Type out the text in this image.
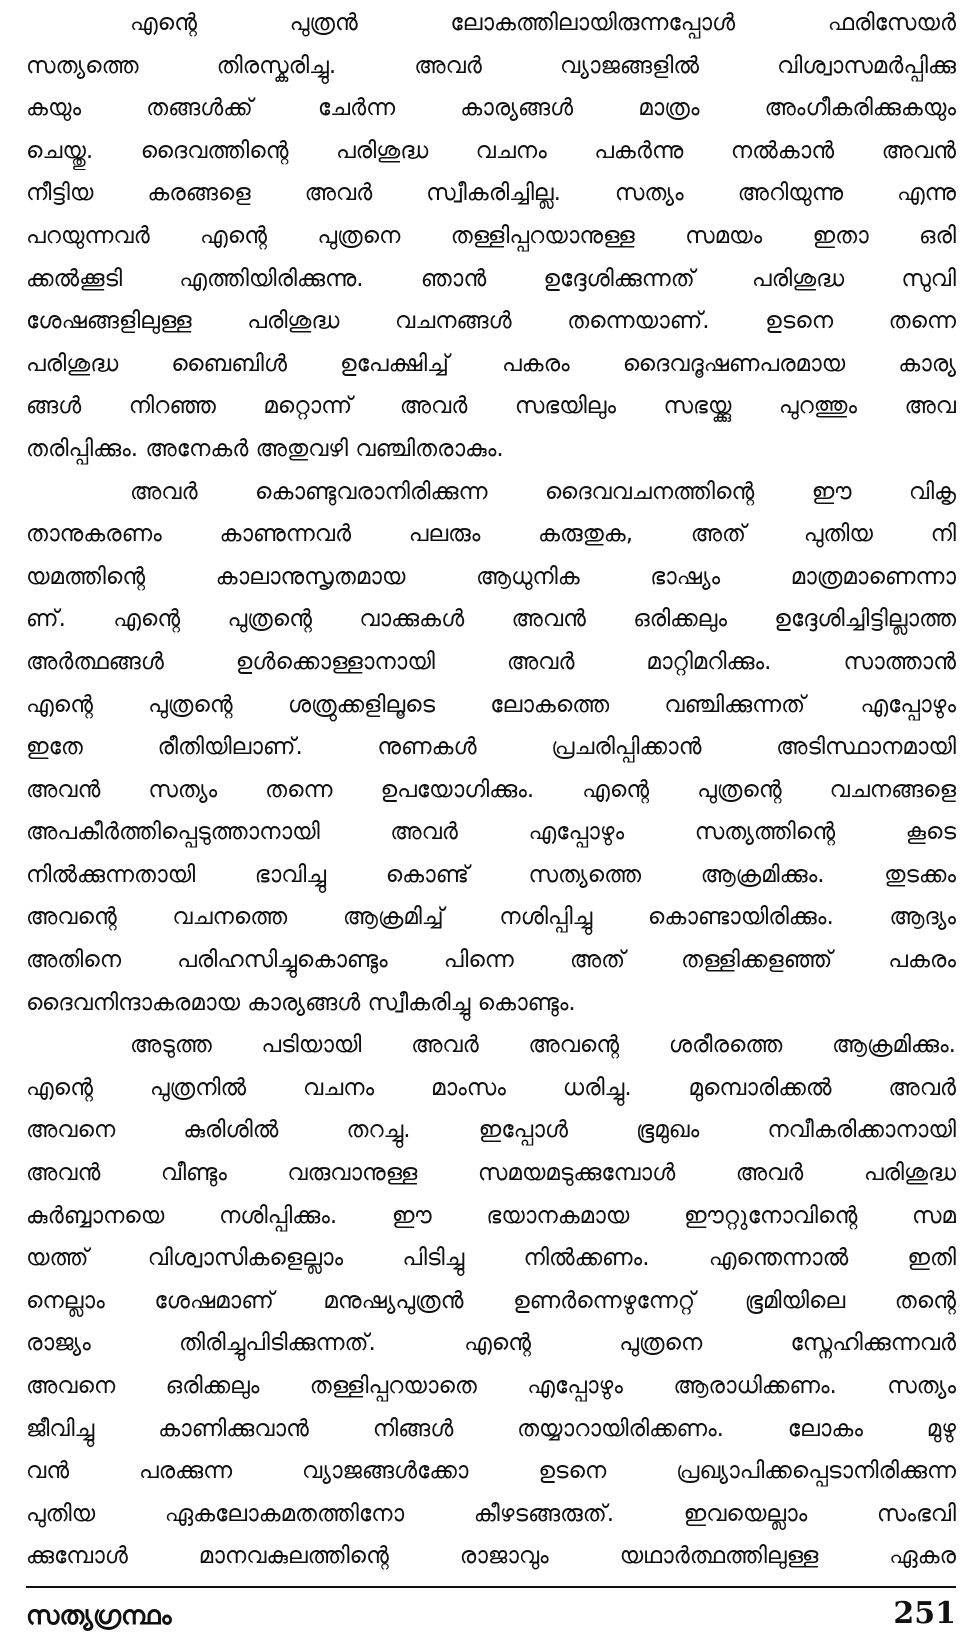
എന്റെ പുത്രൻ ലോകത്തിലായിരുന്നപ്പോൾ ഫരിസേയർ
സത്യത്തെ തിരസ്കരിച്ചു. അവർ വ്യാജങ്ങളിൽ വിശ്വാസമർപ്പിക്കു
കയും തങ്ങൾക്ക് ചേർന്ന കാര്യങ്ങൾ മാത്രം അംഗീകരിക്കുകയും
ചെയ്തു. ദൈവത്തിന്റെ പരിശുദ്ധ വചനം പകർന്നു നൽകാൻ അവൻ
നീട്ടിയ കരങ്ങളെ അവർ സ്വീകരിച്ചില്ല. സത്യം അറിയുന്നു എന്നു
പറയുന്നവർ എന്റെ പുത്രനെ തള്ളിപ്പറയാനുള്ള സമയം ഇതാ ഒരി
ക്കൽക്കൂടി എത്തിയിരിക്കുന്നു. ഞാൻ ഉദ്ദേശിക്കുന്നത് പരിശുദ്ധ സുവി
ശേഷങ്ങളിലുള്ള പരിശുദ്ധ വചനങ്ങൾ തന്നെയാണ്. ഉടനെ തന്നെ
പരിശുദ്ധ ബൈബിൾ ഉപേക്ഷിച്ച് പകരം ദൈവദൂഷണപരമായ കാര്യ
ങ്ങൾ നിറഞ്ഞ മറ്റൊന്ന് അവർ സഭയിലും സഭയ്ക്കു പുറത്തും അവ
തരിപ്പിക്കും. അനേകർ അതുവഴി വഞ്ചിതരാകും.
അവർ കൊണ്ടുവരാനിരിക്കുന്ന ദൈവവചനത്തിന്റെ ഈ വികൃ
താനുകരണം കാണുന്നവർ പലരും കരുതുക, അത് പുതിയ നി
യമത്തിന്റെ കാലാനുസൃതമായ ആധുനിക ഭാഷ്യം മാത്രമാണെന്നാ
ണ്. എന്റെ പുത്രന്റെ വാക്കുകൾ അവൻ ഒരിക്കലും ഉദ്ദേശിച്ചിട്ടില്ലാത്ത
അർത്ഥങ്ങൾ ഉൾക്കൊള്ളാനായി അവർ മാറ്റിമറിക്കും. സാത്താൻ
എന്റെ പുത്രന്റെ ശത്രുക്കളിലൂടെ ലോകത്തെ വഞ്ചിക്കുന്നത് എപ്പോഴും
ഇതേ രീതിയിലാണ്. നുണകൾ പ്രചരിപ്പിക്കാൻ അടിസ്ഥാനമായി
അവൻ സത്യം തന്നെ ഉപയോഗിക്കും. എന്റെ പുത്രന്റെ വചനങ്ങളെ
അപകീർത്തിപ്പെടുത്താനായി അവർ എപ്പോഴും സത്യത്തിന്റെ കൂടെ
നിൽക്കുന്നതായി ഭാവിച്ചു കൊണ്ട് സത്യത്തെ ആക്രമിക്കും. തുടക്കം
അവന്റെ വചനത്തെ ആക്രമിച്ച് നശിപ്പിച്ചു കൊണ്ടായിരിക്കും. ആദ്യം
അതിനെ പരിഹസിച്ചുകൊണ്ടും പിന്നെ അത് തള്ളിക്കളഞ്ഞ് പകരം
ദൈവനിന്ദാകരമായ കാര്യങ്ങൾ സ്വീകരിച്ചു കൊണ്ടും.
അടുത്ത പടിയായി അവർ അവന്റെ ശരീരത്തെ ആക്രമിക്കും.
എന്റെ പുത്രനിൽ വചനം മാംസം ധരിച്ചു. മുമ്പൊരിക്കൽ അവർ
അവനെ കുരിശിൽ തറച്ചു. ഇപ്പോൾ ഭൂമുഖം നവീകരിക്കാനായി
അവൻ വീണ്ടും വരുവാനുള്ള സമയമടുക്കുമ്പോൾ അവർ പരിശുദ്ധ
കുർബ്ബാനയെ നശിപ്പിക്കും. ഈ ഭയാനകമായ ഈറ്റുനോവിന്റെ സമ
യത്ത് വിശ്വാസികളെല്ലാം പിടിച്ചു നിൽക്കണം. എന്തെന്നാൽ ഇതി
നെല്ലാം ശേഷമാണ് മനുഷ്യപുത്രൻ ഉണർന്നെഴുന്നേറ്റ് ഭൂമിയിലെ തന്റെ
രാജ്യം തിരിച്ചുപിടിക്കുന്നത്. എന്റെ പുത്രനെ സ്നേഹിക്കുന്നവർ
അവനെ ഒരിക്കലും തള്ളിപ്പറയാതെ എപ്പോഴും ആരാധിക്കണം. സത്യം
ജീവിച്ചു കാണിക്കുവാൻ നിങ്ങൾ തയ്യാറായിരിക്കണം. ലോകം മുഴു
വൻ പരക്കുന്ന വ്യാജങ്ങൾക്കോ ഉടനെ പ്രഖ്യാപിക്കപ്പെടാനിരിക്കുന്ന
പുതിയ ഏകലോകമതത്തിനോ കീഴടങ്ങരുത്. ഇവയെല്ലാം സംഭവി
ക്കുമ്പോൾ മാനവകുലത്തിന്റെ രാജാവും യഥാർത്ഥത്തിലുള്ള ഏകര
സത്യഗ്രന്ഥം	251
